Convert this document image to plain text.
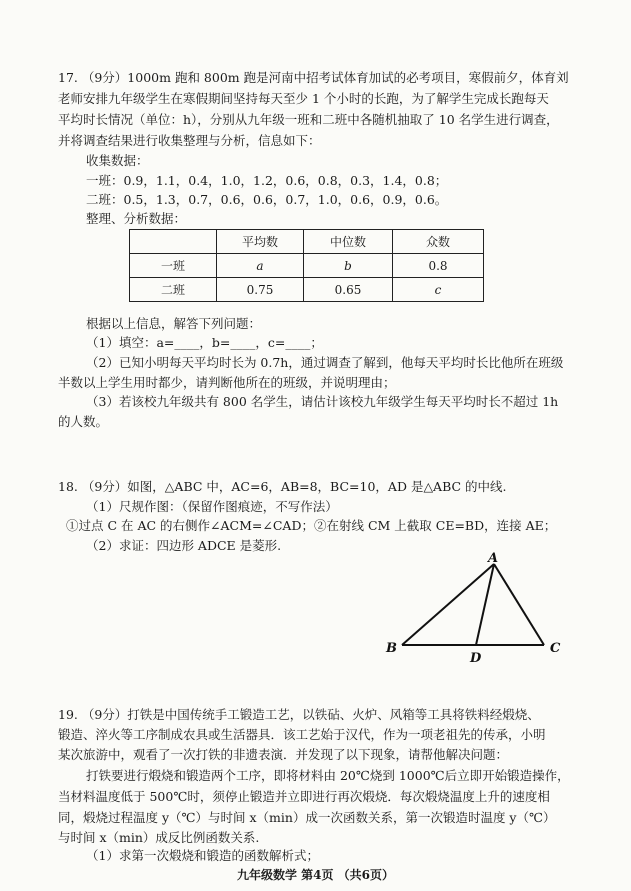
17. （9分）1000m 跑和 800m 跑是河南中招考试体育加试的必考项目，寒假前夕，体育刘
老师安排九年级学生在寒假期间坚持每天至少 1 个小时的长跑，为了解学生完成长跑每天
平均时长情况（单位：h），分别从九年级一班和二班中各随机抽取了 10 名学生进行调查，
并将调查结果进行收集整理与分析，信息如下：
收集数据：
一班：0.9，1.1，0.4，1.0，1.2，0.6，0.8，0.3，1.4，0.8；
二班：0.5，1.3，0.7，0.6，0.6，0.7，1.0，0.6，0.9，0.6。
整理、分析数据：
	平均数	中位数	众数
一班	a	b	0.8
二班	0.75	0.65	c
根据以上信息，解答下列问题：
（1）填空：a=____，b=____，c=____；
（2）已知小明每天平均时长为 0.7h，通过调查了解到，他每天平均时长比他所在班级
半数以上学生用时都少，请判断他所在的班级，并说明理由；
（3）若该校九年级共有 800 名学生，请估计该校九年级学生每天平均时长不超过 1h
的人数。
18. （9分）如图，△ABC 中，AC=6，AB=8，BC=10，AD 是△ABC 的中线.
（1）尺规作图：（保留作图痕迹，不写作法）
①过点 C 在 AC 的右侧作∠ACM=∠CAD；②在射线 CM 上截取 CE=BD，连接 AE；
（2）求证：四边形 ADCE 是菱形.
A
B	C
D
19. （9分）打铁是中国传统手工锻造工艺，以铁砧、火炉、风箱等工具将铁料经煅烧、
锻造、淬火等工序制成农具或生活器具．该工艺始于汉代，作为一项老祖先的传承，小明
某次旅游中，观看了一次打铁的非遗表演．并发现了以下现象，请帮他解决问题：
打铁要进行煅烧和锻造两个工序，即将材料由 20℃烧到 1000℃后立即开始锻造操作，
当材料温度低于 500℃时，须停止锻造并立即进行再次煅烧．每次煅烧温度上升的速度相
同，煅烧过程温度 y（℃）与时间 x（min）成一次函数关系，第一次锻造时温度 y（℃）
与时间 x（min）成反比例函数关系.
（1）求第一次煅烧和锻造的函数解析式；
九年级数学 第4页 （共6页）
